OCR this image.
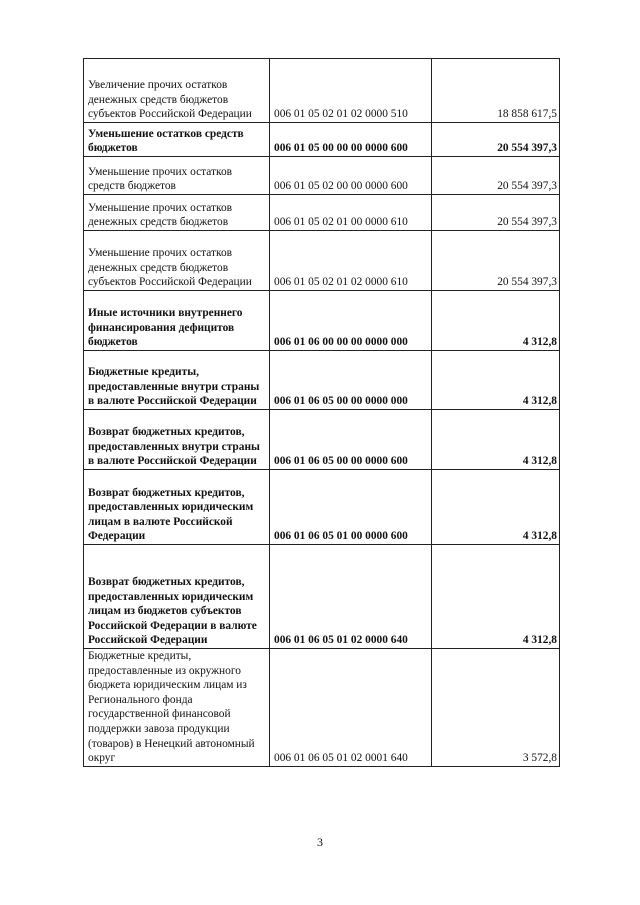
Увеличение прочих остатков денежных средств бюджетов субъектов Российской Федерации	006 01 05 02 01 02 0000 510	18 858 617,5
Уменьшение остатков средств бюджетов	006 01 05 00 00 00 0000 600	20 554 397,3
Уменьшение прочих остатков средств бюджетов	006 01 05 02 00 00 0000 600	20 554 397,3
Уменьшение прочих остатков денежных средств бюджетов	006 01 05 02 01 00 0000 610	20 554 397,3
Уменьшение прочих остатков денежных средств бюджетов субъектов Российской Федерации	006 01 05 02 01 02 0000 610	20 554 397,3
Иные источники внутреннего финансирования дефицитов бюджетов	006 01 06 00 00 00 0000 000	4 312,8
Бюджетные кредиты, предоставленные внутри страны в валюте Российской Федерации	006 01 06 05 00 00 0000 000	4 312,8
Возврат бюджетных кредитов, предоставленных внутри страны в валюте Российской Федерации	006 01 06 05 00 00 0000 600	4 312,8
Возврат бюджетных кредитов, предоставленных юридическим лицам в валюте Российской Федерации	006 01 06 05 01 00 0000 600	4 312,8
Возврат бюджетных кредитов, предоставленных юридическим лицам из бюджетов субъектов Российской Федерации в валюте Российской Федерации	006 01 06 05 01 02 0000 640	4 312,8
Бюджетные кредиты, предоставленные из окружного бюджета юридическим лицам из Регионального фонда государственной финансовой поддержки завоза продукции (товаров) в Ненецкий автономный округ	006 01 06 05 01 02 0001 640	3 572,8
3
